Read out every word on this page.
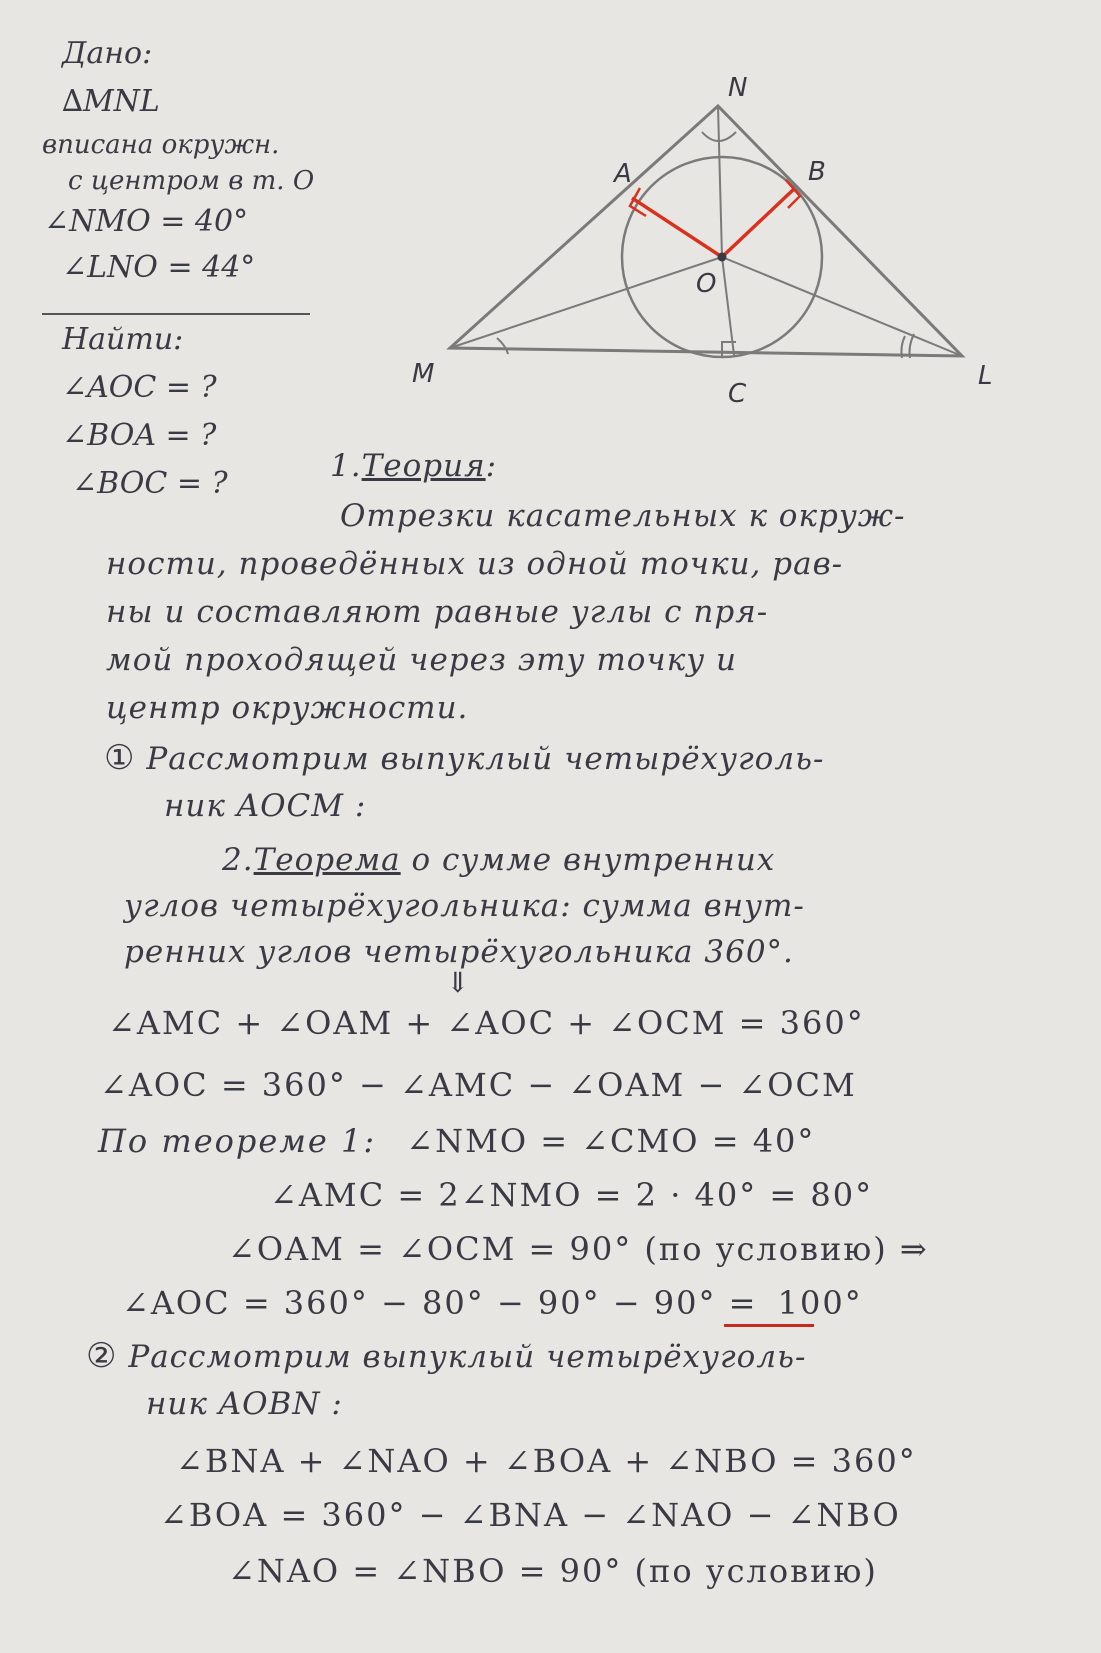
Дано:
∆MNL
вписана окружн.
с центром в т. O
∠NMO = 40°
∠LNO = 44°
Найти:
∠AOC = ?
∠BOA = ?
∠BOC = ?
N
A	B
O
M
C
L
1.Теория:
Отрезки касательных к окруж-
ности, проведённых из одной точки, рав-
ны и составляют равные углы с пря-
мой проходящей через эту точку и
центр окружности.
① Рассмотрим выпуклый четырёхуголь-
ник AOCM :
2.Теорема о сумме внутренних
углов четырёхугольника: сумма внут-
ренних углов четырёхугольника 360°.
⇓
∠AMC + ∠OAM + ∠AOC + ∠OCM = 360°
∠AOC = 360° − ∠AMC − ∠OAM − ∠OCM
По теореме 1: ∠NMO = ∠CMO = 40°
∠AMC = 2∠NMO = 2 · 40° = 80°
∠OAM = ∠OCM = 90° (по условию) ⇒
∠AOC = 360° − 80° − 90° − 90° = 100°
② Рассмотрим выпуклый четырёхуголь-
ник AOBN :
∠BNA + ∠NAO + ∠BOA + ∠NBO = 360°
∠BOA = 360° − ∠BNA − ∠NAO − ∠NBO
∠NAO = ∠NBO = 90° (по условию)
